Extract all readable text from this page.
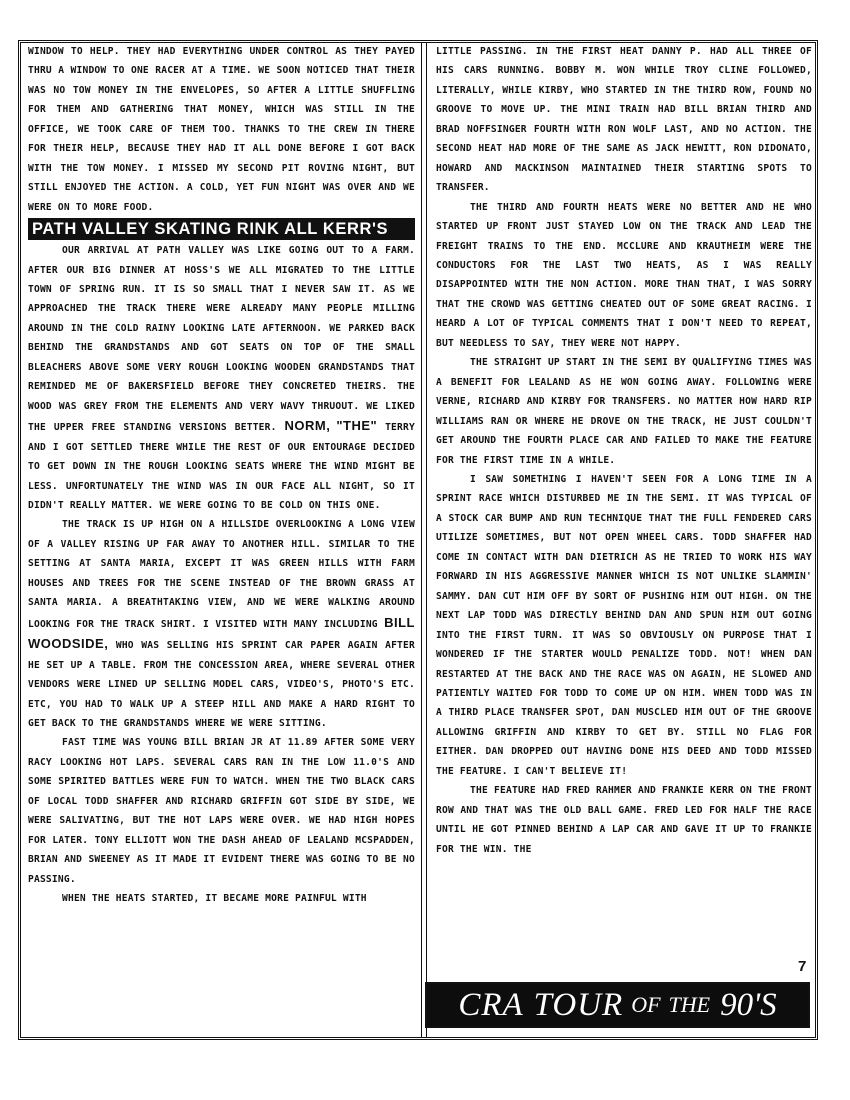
WINDOW TO HELP. THEY HAD EVERYTHING UNDER CONTROL AS THEY PAYED THRU A WINDOW TO ONE RACER AT A TIME. WE SOON NOTICED THAT THEIR WAS NO TOW MONEY IN THE ENVELOPES, SO AFTER A LITTLE SHUFFLING FOR THEM AND GATHERING THAT MONEY, WHICH WAS STILL IN THE OFFICE, WE TOOK CARE OF THEM TOO. THANKS TO THE CREW IN THERE FOR THEIR HELP, BECAUSE THEY HAD IT ALL DONE BEFORE I GOT BACK WITH THE TOW MONEY. I MISSED MY SECOND PIT ROVING NIGHT, BUT STILL ENJOYED THE ACTION. A COLD, YET FUN NIGHT WAS OVER AND WE WERE ON TO MORE FOOD.

PATH VALLEY SKATING RINK ALL KERR'S

OUR ARRIVAL AT PATH VALLEY WAS LIKE GOING OUT TO A FARM. AFTER OUR BIG DINNER AT HOSS'S WE ALL MIGRATED TO THE LITTLE TOWN OF SPRING RUN. IT IS SO SMALL THAT I NEVER SAW IT. AS WE APPROACHED THE TRACK THERE WERE ALREADY MANY PEOPLE MILLING AROUND IN THE COLD RAINY LOOKING LATE AFTERNOON. WE PARKED BACK BEHIND THE GRANDSTANDS AND GOT SEATS ON TOP OF THE SMALL BLEACHERS ABOVE SOME VERY ROUGH LOOKING WOODEN GRANDSTANDS THAT REMINDED ME OF BAKERSFIELD BEFORE THEY CONCRETED THEIRS. THE WOOD WAS GREY FROM THE ELEMENTS AND VERY WAVY THRUOUT. WE LIKED THE UPPER FREE STANDING VERSIONS BETTER. NORM, "THE" TERRY AND I GOT SETTLED THERE WHILE THE REST OF OUR ENTOURAGE DECIDED TO GET DOWN IN THE ROUGH LOOKING SEATS WHERE THE WIND MIGHT BE LESS. UNFORTUNATELY THE WIND WAS IN OUR FACE ALL NIGHT, SO IT DIDN'T REALLY MATTER. WE WERE GOING TO BE COLD ON THIS ONE.

THE TRACK IS UP HIGH ON A HILLSIDE OVERLOOKING A LONG VIEW OF A VALLEY RISING UP FAR AWAY TO ANOTHER HILL. SIMILAR TO THE SETTING AT SANTA MARIA, EXCEPT IT WAS GREEN HILLS WITH FARM HOUSES AND TREES FOR THE SCENE INSTEAD OF THE BROWN GRASS AT SANTA MARIA. A BREATHTAKING VIEW, AND WE WERE WALKING AROUND LOOKING FOR THE TRACK SHIRT. I VISITED WITH MANY INCLUDING BILL WOODSIDE, WHO WAS SELLING HIS SPRINT CAR PAPER AGAIN AFTER HE SET UP A TABLE. FROM THE CONCESSION AREA, WHERE SEVERAL OTHER VENDORS WERE LINED UP SELLING MODEL CARS, VIDEO'S, PHOTO'S ETC. ETC, YOU HAD TO WALK UP A STEEP HILL AND MAKE A HARD RIGHT TO GET BACK TO THE GRANDSTANDS WHERE WE WERE SITTING.

FAST TIME WAS YOUNG BILL BRIAN JR AT 11.89 AFTER SOME VERY RACY LOOKING HOT LAPS. SEVERAL CARS RAN IN THE LOW 11.0'S AND SOME SPIRITED BATTLES WERE FUN TO WATCH. WHEN THE TWO BLACK CARS OF LOCAL TODD SHAFFER AND RICHARD GRIFFIN GOT SIDE BY SIDE, WE WERE SALIVATING, BUT THE HOT LAPS WERE OVER. WE HAD HIGH HOPES FOR LATER. TONY ELLIOTT WON THE DASH AHEAD OF LEALAND MCSPADDEN, BRIAN AND SWEENEY AS IT MADE IT EVIDENT THERE WAS GOING TO BE NO PASSING.

WHEN THE HEATS STARTED, IT BECAME MORE PAINFUL WITH

LITTLE PASSING. IN THE FIRST HEAT DANNY P. HAD ALL THREE OF HIS CARS RUNNING. BOBBY M. WON WHILE TROY CLINE FOLLOWED, LITERALLY, WHILE KIRBY, WHO STARTED IN THE THIRD ROW, FOUND NO GROOVE TO MOVE UP. THE MINI TRAIN HAD BILL BRIAN THIRD AND BRAD NOFFSINGER FOURTH WITH RON WOLF LAST, AND NO ACTION. THE SECOND HEAT HAD MORE OF THE SAME AS JACK HEWITT, RON DIDONATO, HOWARD AND MACKINSON MAINTAINED THEIR STARTING SPOTS TO TRANSFER.

THE THIRD AND FOURTH HEATS WERE NO BETTER AND HE WHO STARTED UP FRONT JUST STAYED LOW ON THE TRACK AND LEAD THE FREIGHT TRAINS TO THE END. MCCLURE AND KRAUTHEIM WERE THE CONDUCTORS FOR THE LAST TWO HEATS, AS I WAS REALLY DISAPPOINTED WITH THE NON ACTION. MORE THAN THAT, I WAS SORRY THAT THE CROWD WAS GETTING CHEATED OUT OF SOME GREAT RACING. I HEARD A LOT OF TYPICAL COMMENTS THAT I DON'T NEED TO REPEAT, BUT NEEDLESS TO SAY, THEY WERE NOT HAPPY.

THE STRAIGHT UP START IN THE SEMI BY QUALIFYING TIMES WAS A BENEFIT FOR LEALAND AS HE WON GOING AWAY. FOLLOWING WERE VERNE, RICHARD AND KIRBY FOR TRANSFERS. NO MATTER HOW HARD RIP WILLIAMS RAN OR WHERE HE DROVE ON THE TRACK, HE JUST COULDN'T GET AROUND THE FOURTH PLACE CAR AND FAILED TO MAKE THE FEATURE FOR THE FIRST TIME IN A WHILE.

I SAW SOMETHING I HAVEN'T SEEN FOR A LONG TIME IN A SPRINT RACE WHICH DISTURBED ME IN THE SEMI. IT WAS TYPICAL OF A STOCK CAR BUMP AND RUN TECHNIQUE THAT THE FULL FENDERED CARS UTILIZE SOMETIMES, BUT NOT OPEN WHEEL CARS. TODD SHAFFER HAD COME IN CONTACT WITH DAN DIETRICH AS HE TRIED TO WORK HIS WAY FORWARD IN HIS AGGRESSIVE MANNER WHICH IS NOT UNLIKE SLAMMIN' SAMMY. DAN CUT HIM OFF BY SORT OF PUSHING HIM OUT HIGH. ON THE NEXT LAP TODD WAS DIRECTLY BEHIND DAN AND SPUN HIM OUT GOING INTO THE FIRST TURN. IT WAS SO OBVIOUSLY ON PURPOSE THAT I WONDERED IF THE STARTER WOULD PENALIZE TODD. NOT! WHEN DAN RESTARTED AT THE BACK AND THE RACE WAS ON AGAIN, HE SLOWED AND PATIENTLY WAITED FOR TODD TO COME UP ON HIM. WHEN TODD WAS IN A THIRD PLACE TRANSFER SPOT, DAN MUSCLED HIM OUT OF THE GROOVE ALLOWING GRIFFIN AND KIRBY TO GET BY. STILL NO FLAG FOR EITHER. DAN DROPPED OUT HAVING DONE HIS DEED AND TODD MISSED THE FEATURE. I CAN'T BELIEVE IT!

THE FEATURE HAD FRED RAHMER AND FRANKIE KERR ON THE FRONT ROW AND THAT WAS THE OLD BALL GAME. FRED LED FOR HALF THE RACE UNTIL HE GOT PINNED BEHIND A LAP CAR AND GAVE IT UP TO FRANKIE FOR THE WIN. THE

7
CRA TOUR OF THE 90'S
